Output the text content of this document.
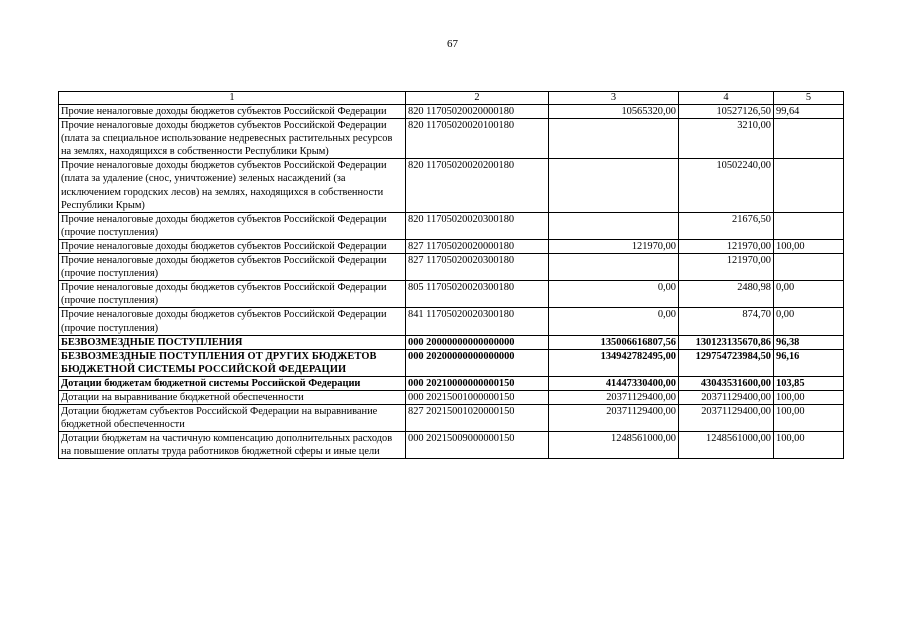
67
1	2	3	4	5
Прочие неналоговые доходы бюджетов субъектов Российской Федерации	820 11705020020000180	10565320,00	10527126,50	99,64
Прочие неналоговые доходы бюджетов субъектов Российской Федерации (плата за специальное использование недревесных растительных ресурсов на землях, находящихся в собственности Республики Крым)	820 11705020020100180		3210,00	
Прочие неналоговые доходы бюджетов субъектов Российской Федерации (плата за удаление (снос, уничтожение) зеленых насаждений (за исключением городских лесов) на землях, находящихся в собственности Республики Крым)	820 11705020020200180		10502240,00	
Прочие неналоговые доходы бюджетов субъектов Российской Федерации (прочие поступления)	820 11705020020300180		21676,50	
Прочие неналоговые доходы бюджетов субъектов Российской Федерации	827 11705020020000180	121970,00	121970,00	100,00
Прочие неналоговые доходы бюджетов субъектов Российской Федерации (прочие поступления)	827 11705020020300180		121970,00	
Прочие неналоговые доходы бюджетов субъектов Российской Федерации (прочие поступления)	805 11705020020300180	0,00	2480,98	0,00
Прочие неналоговые доходы бюджетов субъектов Российской Федерации (прочие поступления)	841 11705020020300180	0,00	874,70	0,00
БЕЗВОЗМЕЗДНЫЕ ПОСТУПЛЕНИЯ	000 20000000000000000	135006616807,56	130123135670,86	96,38
БЕЗВОЗМЕЗДНЫЕ ПОСТУПЛЕНИЯ ОТ ДРУГИХ БЮДЖЕТОВ БЮДЖЕТНОЙ СИСТЕМЫ РОССИЙСКОЙ ФЕДЕРАЦИИ	000 20200000000000000	134942782495,00	129754723984,50	96,16
Дотации бюджетам бюджетной системы Российской Федерации	000 20210000000000150	41447330400,00	43043531600,00	103,85
Дотации на выравнивание бюджетной обеспеченности	000 20215001000000150	20371129400,00	20371129400,00	100,00
Дотации бюджетам субъектов Российской Федерации на выравнивание бюджетной обеспеченности	827 20215001020000150	20371129400,00	20371129400,00	100,00
Дотации бюджетам на частичную компенсацию дополнительных расходов на повышение оплаты труда работников бюджетной сферы и иные цели	000 20215009000000150	1248561000,00	1248561000,00	100,00
